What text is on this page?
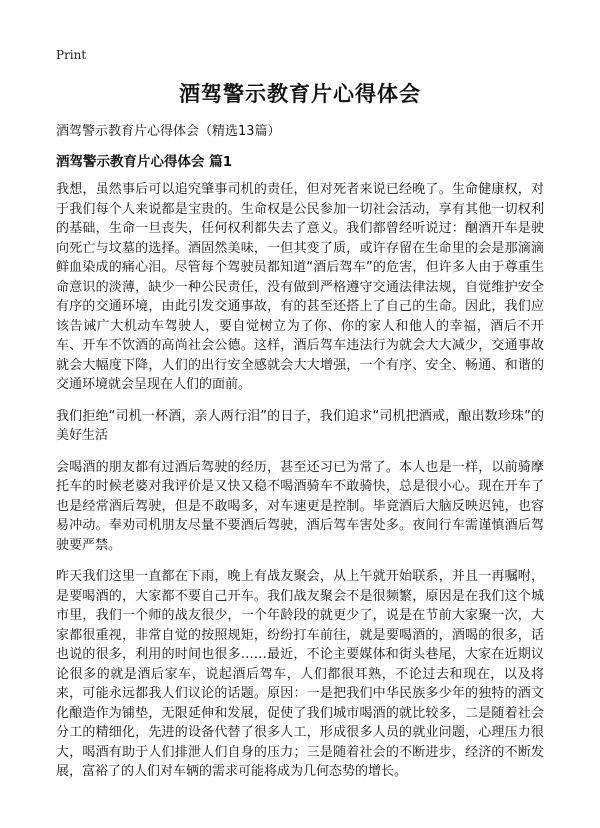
Print
酒驾警示教育片心得体会
酒驾警示教育片心得体会（精选13篇）
酒驾警示教育片心得体会 篇1

我想，虽然事后可以追究肇事司机的责任，但对死者来说已经晚了。生命健康权，对于我们每个人来说都是宝贵的。生命权是公民参加一切社会活动，享有其他一切权利的基础，生命一旦丧失，任何权利都失去了意义。我们都曾经听说过：酗酒开车是驶向死亡与坟墓的选择。酒固然美味，一但其变了质，或许存留在生命里的会是那滴滴鲜血染成的痛心泪。尽管每个驾驶员都知道“酒后驾车”的危害，但许多人由于尊重生命意识的淡薄，缺少一种公民责任，没有做到严格遵守交通法律法规，自觉维护安全有序的交通环境，由此引发交通事故，有的甚至还搭上了自己的生命。因此，我们应该告诫广大机动车驾驶人，要自觉树立为了你、你的家人和他人的幸福，酒后不开车、开车不饮酒的高尚社会公德。这样，酒后驾车违法行为就会大大减少，交通事故就会大幅度下降，人们的出行安全感就会大大增强，一个有序、安全、畅通、和谐的交通环境就会呈现在人们的面前。

我们拒绝“司机一杯酒，亲人两行泪”的日子，我们追求“司机把酒戒，酿出数珍珠”的美好生活

会喝酒的朋友都有过酒后驾驶的经历，甚至还习已为常了。本人也是一样，以前骑摩托车的时候老婆对我评价是又快又稳不喝酒骑车不敢骑快，总是很小心。现在开车了也是经常酒后驾驶，但是不敢喝多，对车速更是控制。毕竟酒后大脑反映迟钝，也容易冲动。奉劝司机朋友尽量不要酒后驾驶，酒后驾车害处多。夜间行车需谨慎酒后驾驶要严禁。

昨天我们这里一直都在下雨，晚上有战友聚会，从上午就开始联系，并且一再嘱咐，是要喝酒的，大家都不要自己开车。我们战友聚会不是很频繁，原因是在我们这个城市里，我们一个师的战友很少，一个年龄段的就更少了，说是在节前大家聚一次，大家都很重视，非常自觉的按照规矩，纷纷打车前往，就是要喝酒的，酒喝的很多，话也说的很多，利用的时间也很多……最近，不论主要媒体和街头巷尾，大家在近期议论很多的就是酒后家车，说起酒后驾车，人们都很耳熟，不论过去和现在，以及将来，可能永远都我人们议论的话题。原因：一是把我们中华民族多少年的独特的酒文化酿造作为铺垫，无限延伸和发展，促使了我们城市喝酒的就比较多，二是随着社会分工的精细化，先进的设备代替了很多人工，形成很多人员的就业问题，心理压力很大，喝酒有助于人们排泄人们自身的压力；三是随着社会的不断进步，经济的不断发展，富裕了的人们对车辆的需求可能将成为几何态势的增长。
